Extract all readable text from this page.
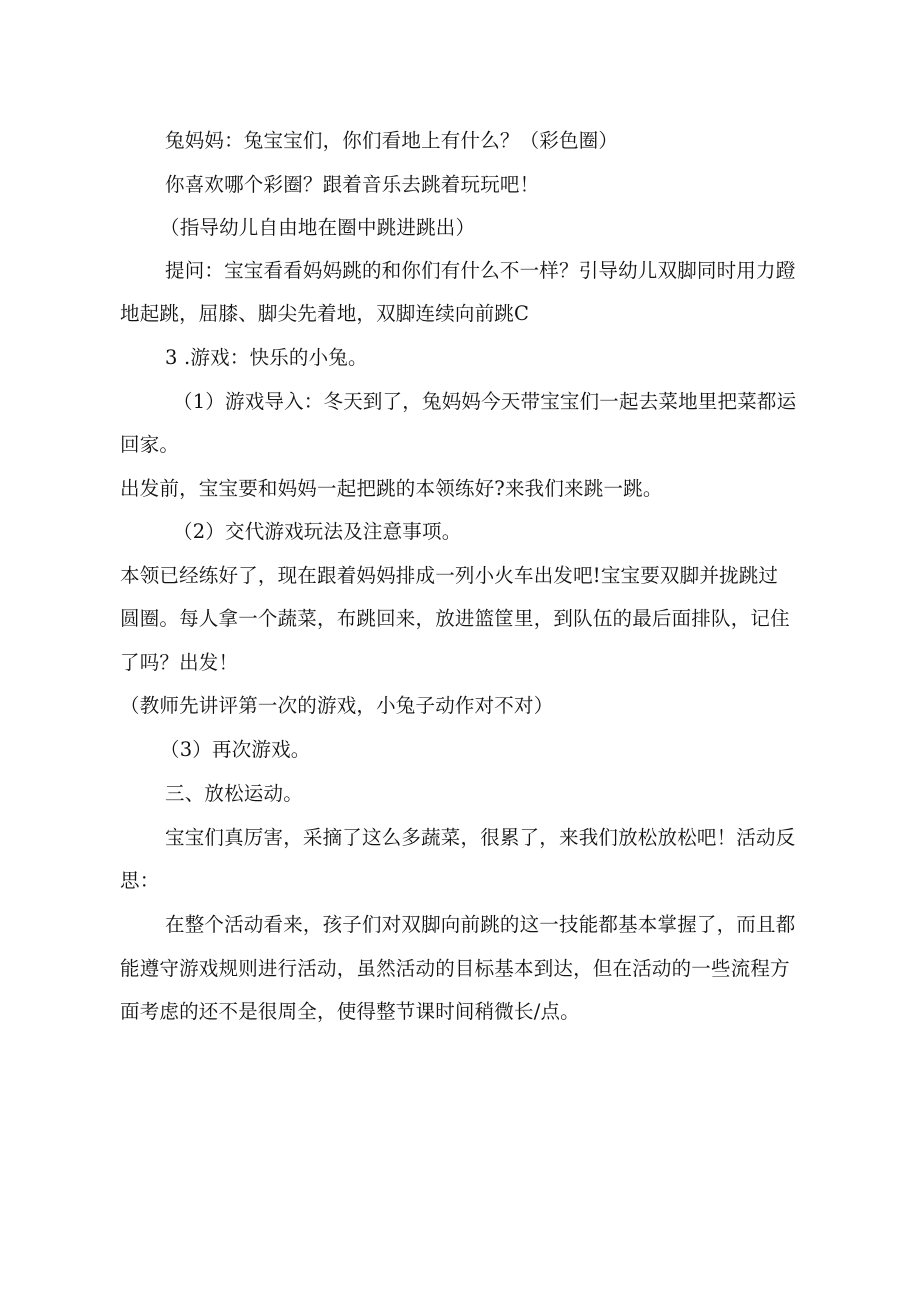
兔妈妈：兔宝宝们，你们看地上有什么？（彩色圈）
你喜欢哪个彩圈？跟着音乐去跳着玩玩吧！
（指导幼儿自由地在圈中跳进跳出）
提问：宝宝看看妈妈跳的和你们有什么不一样？引导幼儿双脚同时用力蹬
地起跳，屈膝、脚尖先着地，双脚连续向前跳C
3 .游戏：快乐的小兔。
（1）游戏导入：冬天到了，兔妈妈今天带宝宝们一起去菜地里把菜都运
回家。
出发前，宝宝要和妈妈一起把跳的本领练好?来我们来跳一跳。
（2）交代游戏玩法及注意事项。
本领已经练好了，现在跟着妈妈排成一列小火车出发吧!宝宝要双脚并拢跳过
圆圈。每人拿一个蔬菜，布跳回来，放进篮筐里，到队伍的最后面排队，记住
了吗？出发！
（教师先讲评第一次的游戏，小兔子动作对不对）
（3）再次游戏。
三、放松运动。
宝宝们真厉害，采摘了这么多蔬菜，很累了，来我们放松放松吧！活动反
思：
在整个活动看来，孩子们对双脚向前跳的这一技能都基本掌握了，而且都
能遵守游戏规则进行活动，虽然活动的目标基本到达，但在活动的一些流程方
面考虑的还不是很周全，使得整节课时间稍微长/点。
